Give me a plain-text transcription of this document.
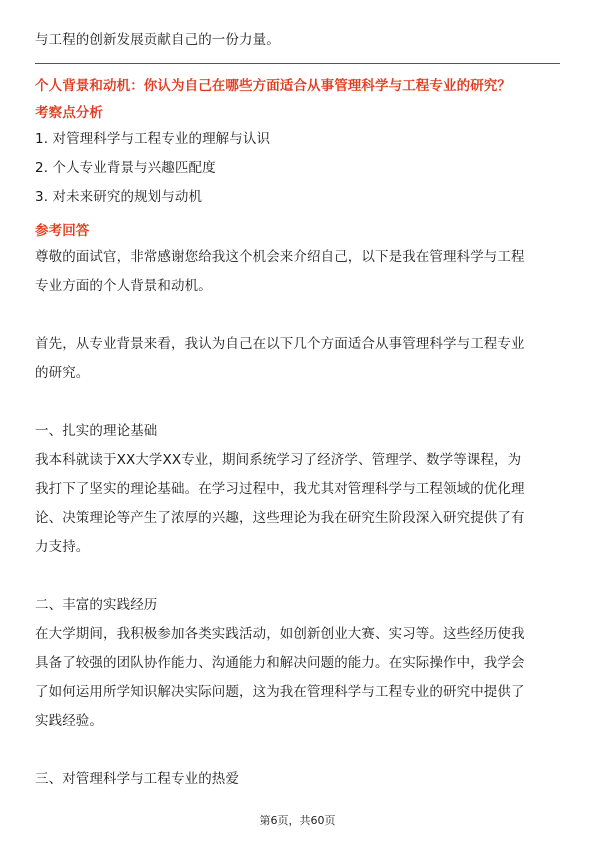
与工程的创新发展贡献自己的一份力量。
个人背景和动机：你认为自己在哪些方面适合从事管理科学与工程专业的研究？
考察点分析
1. 对管理科学与工程专业的理解与认识
2. 个人专业背景与兴趣匹配度
3. 对未来研究的规划与动机
参考回答
尊敬的面试官，非常感谢您给我这个机会来介绍自己，以下是我在管理科学与工程
专业方面的个人背景和动机。
首先，从专业背景来看，我认为自己在以下几个方面适合从事管理科学与工程专业
的研究。
一、扎实的理论基础
我本科就读于XX大学XX专业，期间系统学习了经济学、管理学、数学等课程，为
我打下了坚实的理论基础。在学习过程中，我尤其对管理科学与工程领域的优化理
论、决策理论等产生了浓厚的兴趣，这些理论为我在研究生阶段深入研究提供了有
力支持。
二、丰富的实践经历
在大学期间，我积极参加各类实践活动，如创新创业大赛、实习等。这些经历使我
具备了较强的团队协作能力、沟通能力和解决问题的能力。在实际操作中，我学会
了如何运用所学知识解决实际问题，这为我在管理科学与工程专业的研究中提供了
实践经验。
三、对管理科学与工程专业的热爱
第6页，共60页
